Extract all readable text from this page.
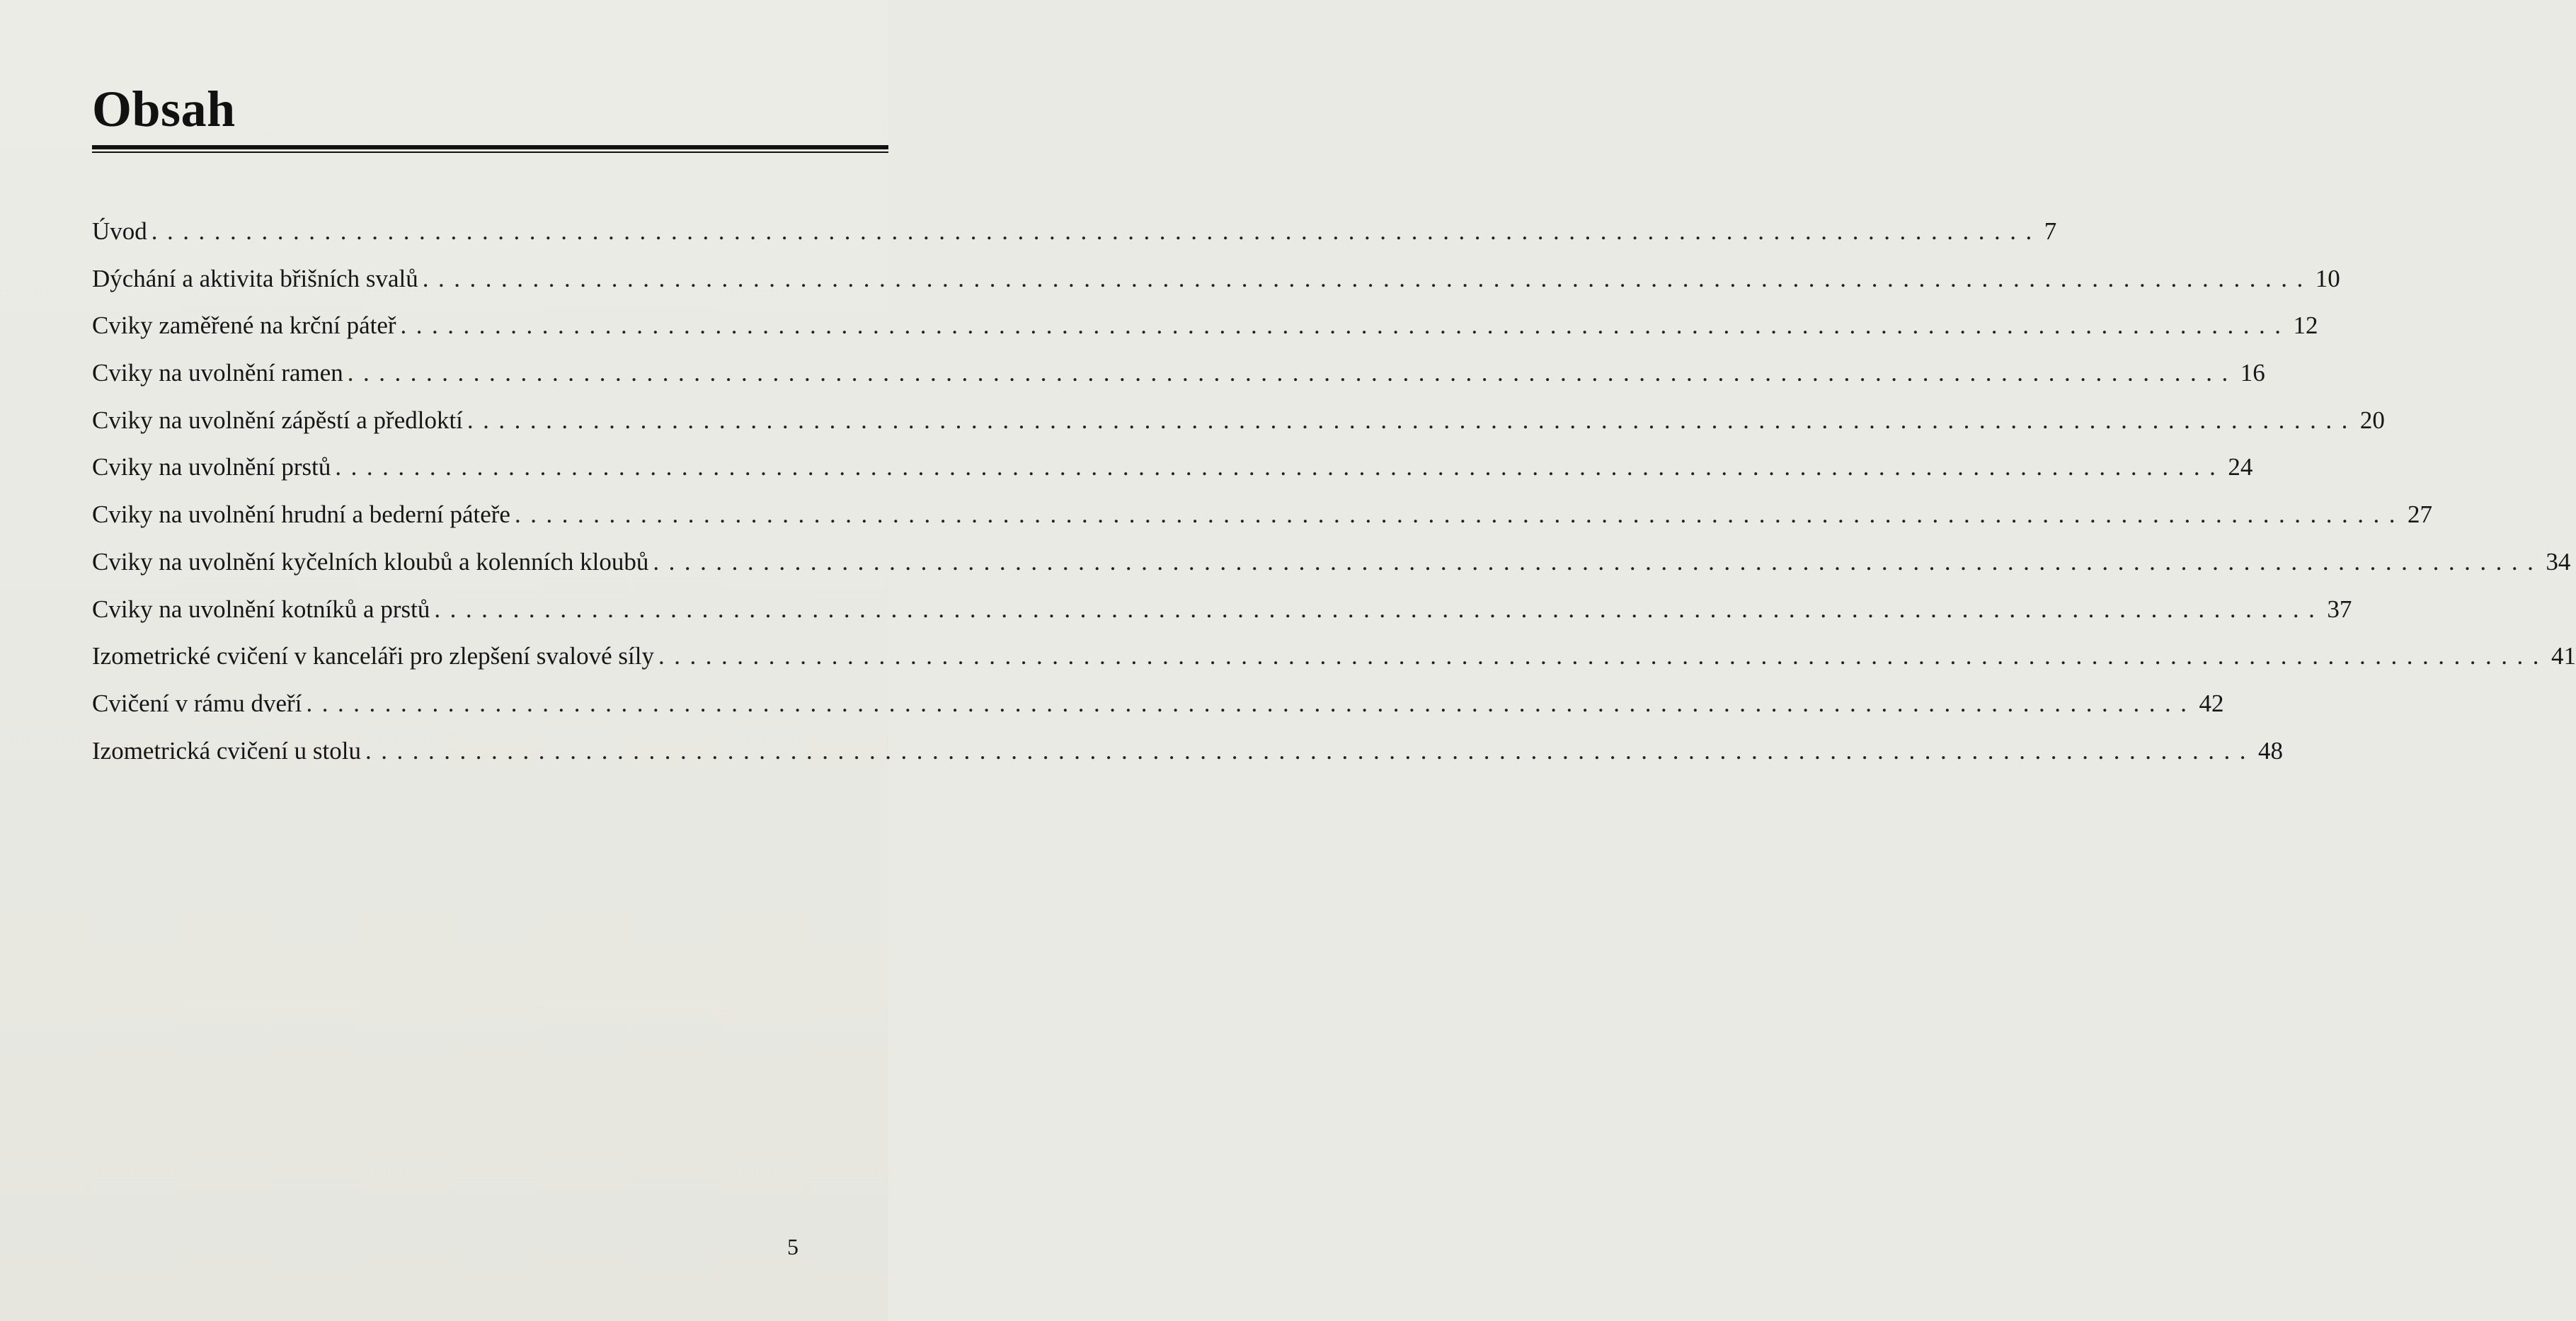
Obsah
Úvod ........................................................................................................................ 7
Dýchání a aktivita břišních svalů ........................................................................................................................ 10
Cviky zaměřené na krční páteř ........................................................................................................................ 12
Cviky na uvolnění ramen ........................................................................................................................ 16
Cviky na uvolnění zápěstí a předloktí ........................................................................................................................ 20
Cviky na uvolnění prstů ........................................................................................................................ 24
Cviky na uvolnění hrudní a bederní páteře ........................................................................................................................ 27
Cviky na uvolnění kyčelních kloubů a kolenních kloubů ........................................................................................................................ 34
Cviky na uvolnění kotníků a prstů ........................................................................................................................ 37
Izometrické cvičení v kanceláři pro zlepšení svalové síly ........................................................................................................................ 41
Cvičení v rámu dveří ........................................................................................................................ 42
Izometrická cvičení u stolu ........................................................................................................................ 48
5
